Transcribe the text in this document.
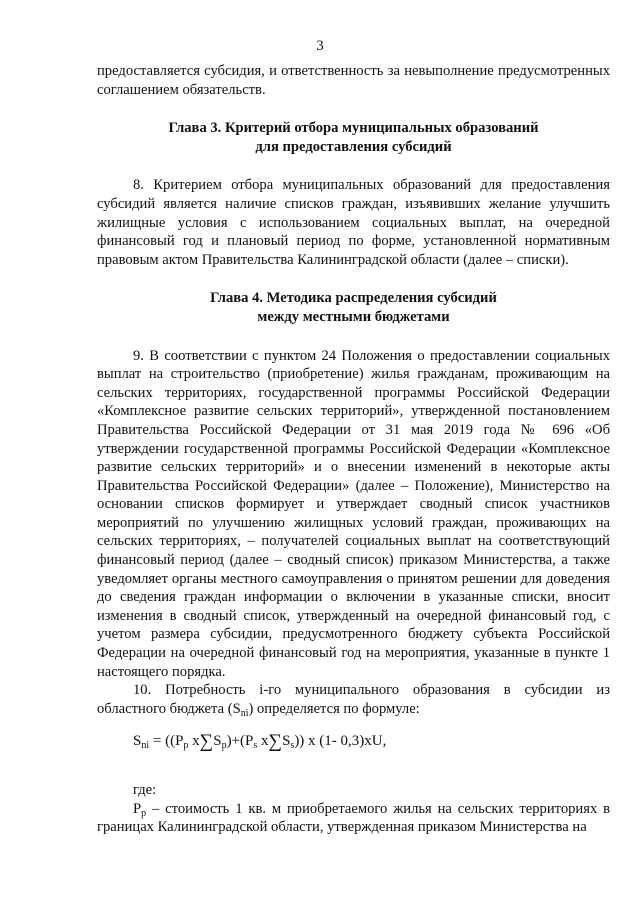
3

предоставляется субсидия, и ответственность за невыполнение предусмотренных соглашением обязательств.

Глава 3. Критерий отбора муниципальных образований
для предоставления субсидий

8. Критерием отбора муниципальных образований для предоставления субсидий является наличие списков граждан, изъявивших желание улучшить жилищные условия с использованием социальных выплат, на очередной финансовый год и плановый период по форме, установленной нормативным правовым актом Правительства Калининградской области (далее – списки).

Глава 4. Методика распределения субсидий
между местными бюджетами

9. В соответствии с пунктом 24 Положения о предоставлении социальных выплат на строительство (приобретение) жилья гражданам, проживающим на сельских территориях, государственной программы Российской Федерации «Комплексное развитие сельских территорий», утвержденной постановлением Правительства Российской Федерации от 31 мая 2019 года № 696 «Об утверждении государственной программы Российской Федерации «Комплексное развитие сельских территорий» и о внесении изменений в некоторые акты Правительства Российской Федерации» (далее – Положение), Министерство на основании списков формирует и утверждает сводный список участников мероприятий по улучшению жилищных условий граждан, проживающих на сельских территориях, – получателей социальных выплат на соответствующий финансовый период (далее – сводный список) приказом Министерства, а также уведомляет органы местного самоуправления о принятом решении для доведения до сведения граждан информации о включении в указанные списки, вносит изменения в сводный список, утвержденный на очередной финансовый год, с учетом размера субсидии, предусмотренного бюджету субъекта Российской Федерации на очередной финансовый год на мероприятия, указанные в пункте 1 настоящего порядка.

10. Потребность i-го муниципального образования в субсидии из областного бюджета $(S_{ni})$ определяется по формуле:

$S_{ni} = ((P_p$ $x\sum S_p)+(P_s$ $x\sum S_s$)) x (1- 0,3)xU,

где:

$P_p$ – стоимость 1 кв. м приобретаемого жилья на сельских территориях в границах Калининградской области, утвержденная приказом Министерства на
